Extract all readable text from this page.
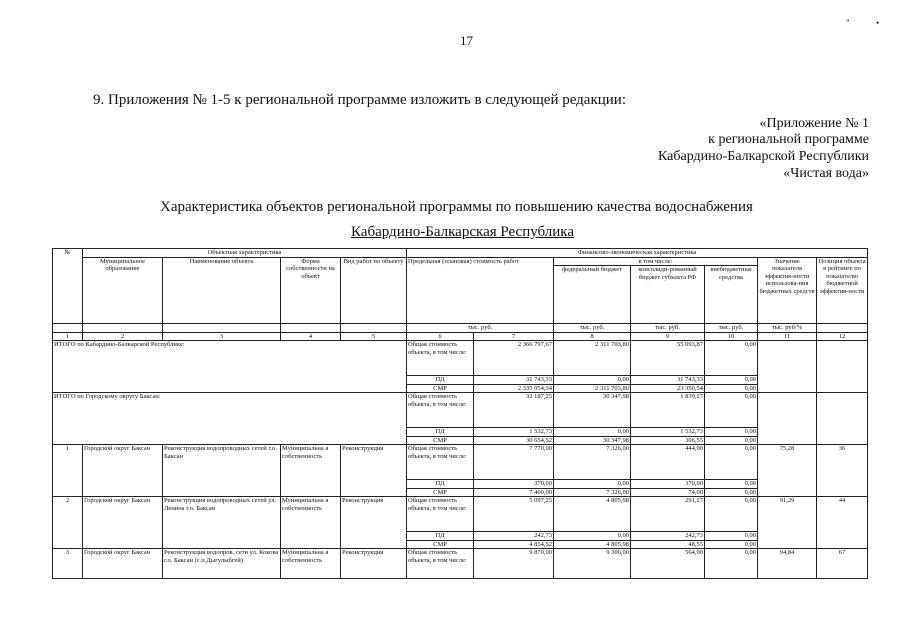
17
"	•
9. Приложения № 1-5 к региональной программе изложить в следующей редакции:
«Приложение № 1
к региональной программе
Кабардино-Балкарской Республики
«Чистая вода»
Характеристика объектов региональной программы по повышению качества водоснабжения
Кабардино-Балкарская Республика
№	Объектная характеристика				Финансово-экономическая характеристика						
	Муниципальное образование	Наименование объекта	Форма собственности на объект	Вид работ по объекту	Предельная (плановая) стоимость работ		в том числе:			Значение показателя эффектив-ности использова-ния бюджетных средств	Позиция объекта в рейтинге по показателю бюджетной эффектив-ности
							федеральный бюджет	консолиди-рованный бюджет субъекта РФ	внебюджетные средства		
					тыс. руб.		тыс. руб.	тыс. руб.	тыс. руб.	тыс. руб/%	
1	2	3	4	5	6	7	8	9	10	11	12
ИТОГО по Кабардино-Балкарской Республике:					Общая стоимость объекта, в том числе:	2 366 797,67	2 311 703,80	55 093,87	0,00		
					ПД	31 743,33	0,00	31 743,33	0,00		
					СМР	2 335 054,34	2 311 703,80	23 350,54	0,00		
ИТОГО по Городскому округу Баксан:					Общая стоимость объекта, в том числе:	32 187,25	30 347,98	1 839,27	0,00		
					ПД	1 532,73	0,00	1 532,73	0,00		
					СМР	30 654,52	30 347,98	306,55	0,00		
1	Городской округ Баксан	Реконструкция водопроводных сетей г.о. Баксан	Муниципальна я собственность	Реконструкция	Общая стоимость объекта, в том числе:	7 770,00	7 326,00	444,00	0,00	75,28	36
					ПД	370,00	0,00	370,00	0,00		
					СМР	7 400,00	7 326,00	74,00	0,00		
2	Городской округ Баксан	Реконструкция водопроводных сетей ул. Ленина г.о. Баксан	Муниципальна я собственность	Реконструкция	Общая стоимость объекта, в том числе:	5 097,25	4 805,98	291,27	0,00	91,29	44
					ПД	242,73	0,00	242,73	0,00		
					СМР	4 854,52	4 805,98	48,55	0,00		
3	Городской округ Баксан	Реконструкция водопров. сети ул. Кокова г.о. Баксан (с.п.Дыгулыбгей)	Муниципальна я собственность	Реконструкция	Общая стоимость объекта, в том числе:	9 870,00	9 306,00	564,00	0,00	94,84	67
